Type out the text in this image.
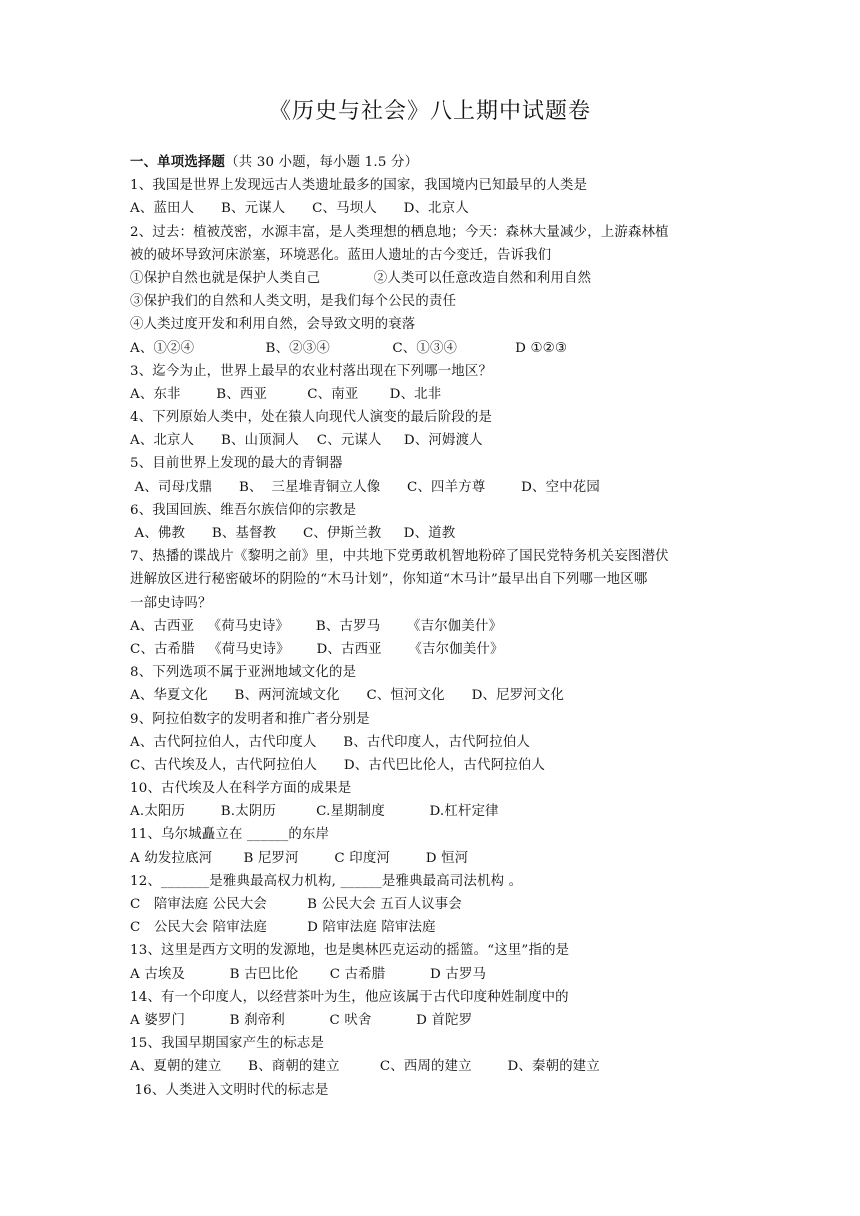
《历史与社会》八上期中试题卷
一、单项选择题（共 30 小题，每小题 1.5 分）
1、我国是世界上发现远古人类遗址最多的国家，我国境内已知最早的人类是
A、蓝田人      B、元谋人      C、马坝人      D、北京人
2、过去：植被茂密，水源丰富，是人类理想的栖息地；今天：森林大量减少，上游森林植
被的破坏导致河床淤塞，环境恶化。蓝田人遗址的古今变迁，告诉我们
①保护自然也就是保护人类自己            ②人类可以任意改造自然和利用自然
③保护我们的自然和人类文明，是我们每个公民的责任
④人类过度开发和利用自然，会导致文明的衰落
A、①②④                B、②③④              C、①③④             D ①②③
3、迄今为止，世界上最早的农业村落出现在下列哪一地区？
A、东非        B、西亚         C、南亚       D、北非
4、下列原始人类中，处在猿人向现代人演变的最后阶段的是
A、北京人      B、山顶洞人    C、元谋人     D、河姆渡人
5、目前世界上发现的最大的青铜器
A、司母戊鼎      B、  三星堆青铜立人像      C、四羊方尊        D、空中花园
6、我国回族、维吾尔族信仰的宗教是
A、佛教      B、基督教      C、伊斯兰教     D、道教
7、热播的谍战片《黎明之前》里，中共地下党勇敢机智地粉碎了国民党特务机关妄图潜伏
进解放区进行秘密破坏的阴险的“木马计划”，你知道“木马计”最早出自下列哪一地区哪
一部史诗吗？
A、古西亚   《荷马史诗》      B、古罗马      《吉尔伽美什》
C、古希腊   《荷马史诗》      D、古西亚      《吉尔伽美什》
8、下列选项不属于亚洲地域文化的是
A、华夏文化      B、两河流域文化      C、恒河文化      D、尼罗河文化
9、阿拉伯数字的发明者和推广者分别是
A、古代阿拉伯人，古代印度人      B、古代印度人，古代阿拉伯人
C、古代埃及人，古代阿拉伯人      D、古代巴比伦人，古代阿拉伯人
10、古代埃及人在科学方面的成果是
A.太阳历        B.太阴历         C.星期制度          D.杠杆定律
11、乌尔城矗立在 ______的东岸
A 幼发拉底河       B 尼罗河        C 印度河        D 恒河
12、_______是雅典最高权力机构, ______是雅典最高司法机构 。
C   陪审法庭 公民大会         B 公民大会 五百人议事会
C   公民大会 陪审法庭         D 陪审法庭 陪审法庭
13、这里是西方文明的发源地，也是奥林匹克运动的摇篮。“这里”指的是
A 古埃及          B 古巴比伦       C 古希腊          D 古罗马
14、有一个印度人，以经营茶叶为生，他应该属于古代印度种姓制度中的
A 婆罗门          B 刹帝利          C 吠舍          D 首陀罗
15、我国早期国家产生的标志是
A、夏朝的建立      B、商朝的建立         C、西周的建立        D、秦朝的建立
16、人类进入文明时代的标志是
